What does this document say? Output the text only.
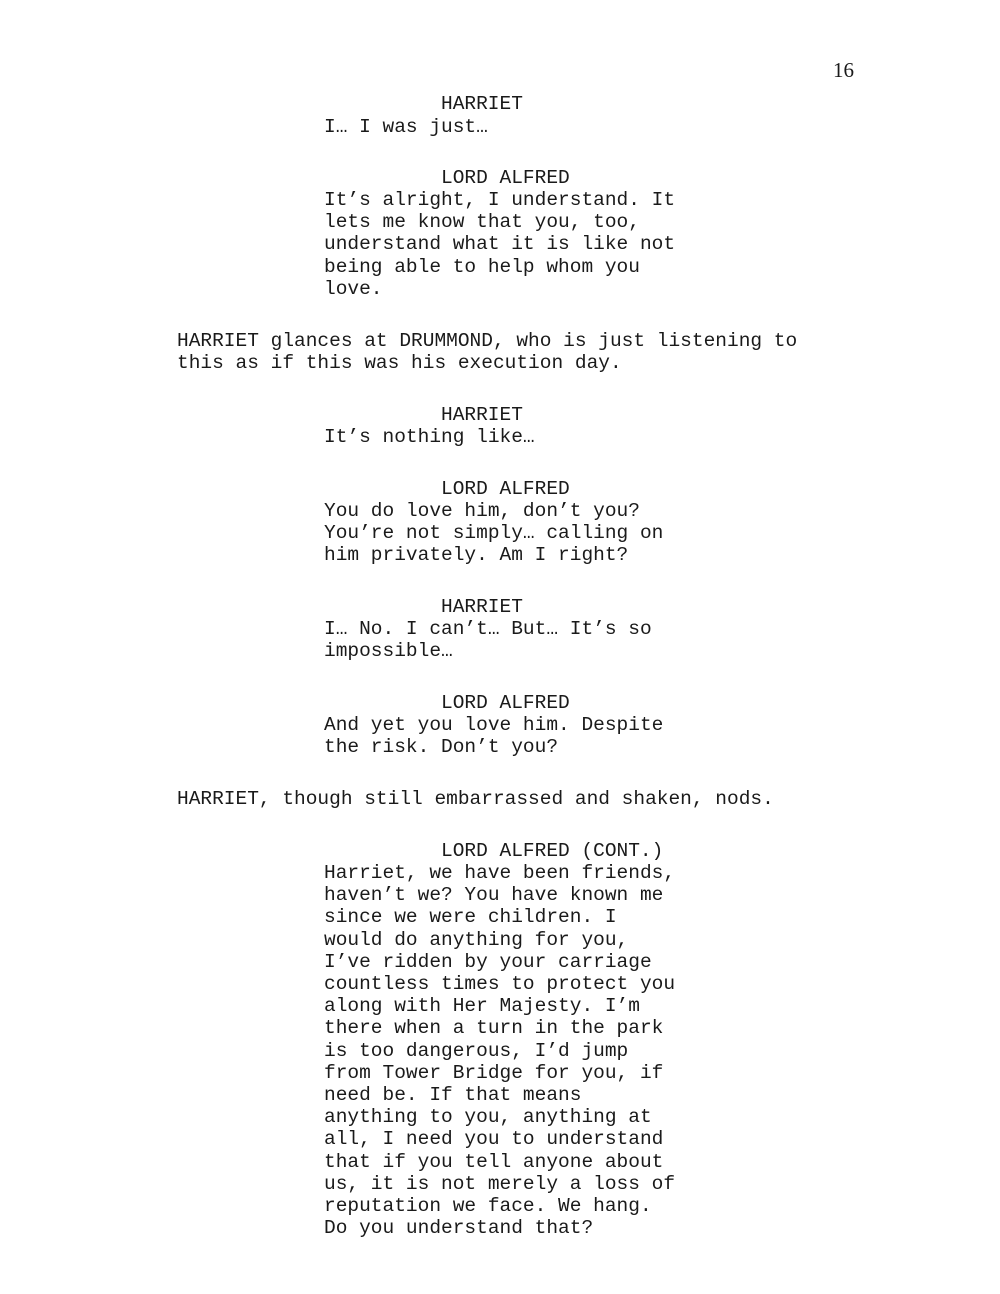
16
HARRIET
I… I was just…
LORD ALFRED
It’s alright, I understand. It
lets me know that you, too,
understand what it is like not
being able to help whom you
love.
HARRIET glances at DRUMMOND, who is just listening to
this as if this was his execution day.
HARRIET
It’s nothing like…
LORD ALFRED
You do love him, don’t you?
You’re not simply… calling on
him privately. Am I right?
HARRIET
I… No. I can’t… But… It’s so
impossible…
LORD ALFRED
And yet you love him. Despite
the risk. Don’t you?
HARRIET, though still embarrassed and shaken, nods.
LORD ALFRED (CONT.)
Harriet, we have been friends,
haven’t we? You have known me
since we were children. I
would do anything for you,
I’ve ridden by your carriage
countless times to protect you
along with Her Majesty. I’m
there when a turn in the park
is too dangerous, I’d jump
from Tower Bridge for you, if
need be. If that means
anything to you, anything at
all, I need you to understand
that if you tell anyone about
us, it is not merely a loss of
reputation we face. We hang.
Do you understand that?
